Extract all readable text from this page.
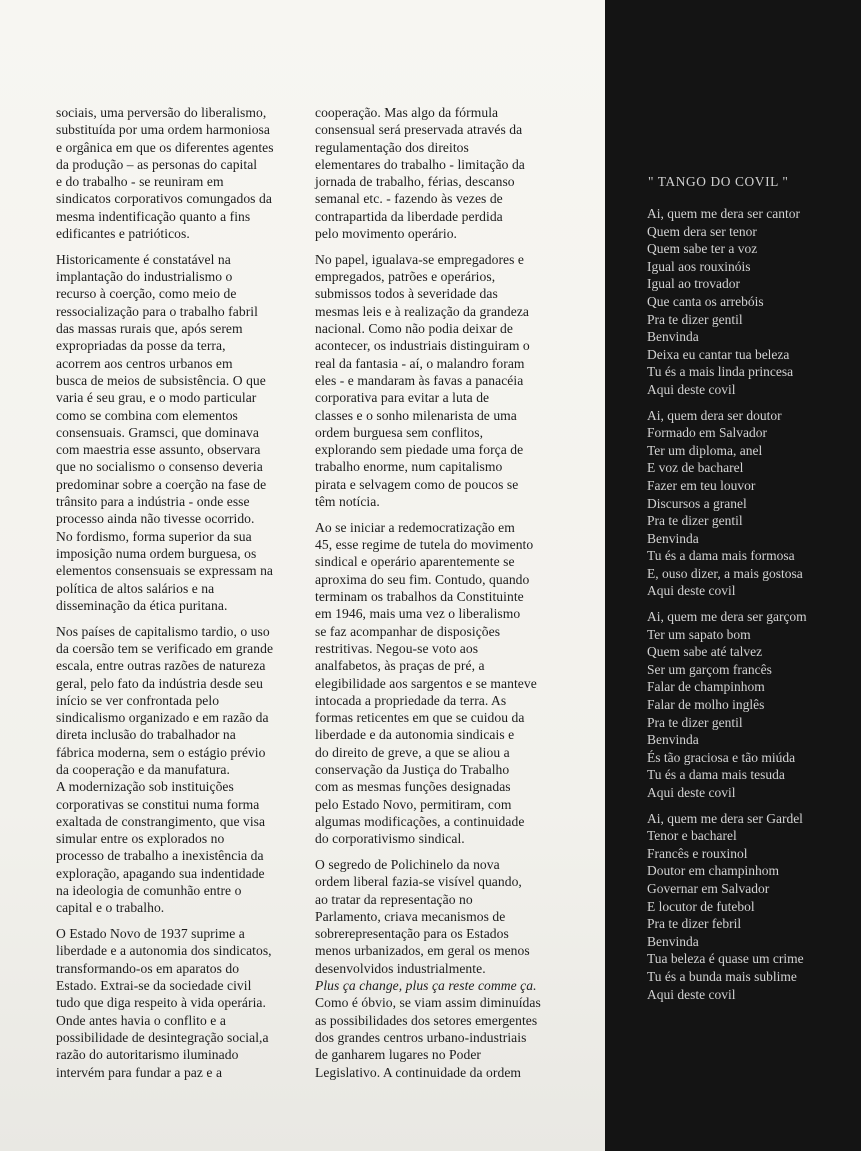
sociais, uma perversão do liberalismo,
substituída por uma ordem harmoniosa
e orgânica em que os diferentes agentes
da produção – as personas do capital
e do trabalho - se reuniram em
sindicatos corporativos comungados da
mesma indentificação quanto a fins
edificantes e patrióticos.

Historicamente é constatável na
implantação do industrialismo o
recurso à coerção, como meio de
ressocialização para o trabalho fabril
das massas rurais que, após serem
expropriadas da posse da terra,
acorrem aos centros urbanos em
busca de meios de subsistência. O que
varia é seu grau, e o modo particular
como se combina com elementos
consensuais. Gramsci, que dominava
com maestria esse assunto, observara
que no socialismo o consenso deveria
predominar sobre a coerção na fase de
trânsito para a indústria - onde esse
processo ainda não tivesse ocorrido.
No fordismo, forma superior da sua
imposição numa ordem burguesa, os
elementos consensuais se expressam na
política de altos salários e na
disseminação da ética puritana.

Nos países de capitalismo tardio, o uso
da coersão tem se verificado em grande
escala, entre outras razões de natureza
geral, pelo fato da indústria desde seu
início se ver confrontada pelo
sindicalismo organizado e em razão da
direta inclusão do trabalhador na
fábrica moderna, sem o estágio prévio
da cooperação e da manufatura.

A modernização sob instituições
corporativas se constitui numa forma
exaltada de constrangimento, que visa
simular entre os explorados no
processo de trabalho a inexistência da
exploração, apagando sua indentidade
na ideologia de comunhão entre o
capital e o trabalho.

O Estado Novo de 1937 suprime a
liberdade e a autonomia dos sindicatos,
transformando-os em aparatos do
Estado. Extrai-se da sociedade civil
tudo que diga respeito à vida operária.
Onde antes havia o conflito e a
possibilidade de desintegração social,a
razão do autoritarismo iluminado
intervém para fundar a paz e a

cooperação. Mas algo da fórmula
consensual será preservada através da
regulamentação dos direitos
elementares do trabalho - limitação da
jornada de trabalho, férias, descanso
semanal etc. - fazendo às vezes de
contrapartida da liberdade perdida
pelo movimento operário.

No papel, igualava-se empregadores e
empregados, patrões e operários,
submissos todos à severidade das
mesmas leis e à realização da grandeza
nacional. Como não podia deixar de
acontecer, os industriais distinguiram o
real da fantasia - aí, o malandro foram
eles - e mandaram às favas a panacéia
corporativa para evitar a luta de
classes e o sonho milenarista de uma
ordem burguesa sem conflitos,
explorando sem piedade uma força de
trabalho enorme, num capitalismo
pirata e selvagem como de poucos se
têm notícia.

Ao se iniciar a redemocratização em
45, esse regime de tutela do movimento
sindical e operário aparentemente se
aproxima do seu fim. Contudo, quando
terminam os trabalhos da Constituinte
em 1946, mais uma vez o liberalismo
se faz acompanhar de disposições
restritivas. Negou-se voto aos
analfabetos, às praças de pré, a
elegibilidade aos sargentos e se manteve
intocada a propriedade da terra. As
formas reticentes em que se cuidou da
liberdade e da autonomia sindicais e
do direito de greve, a que se aliou a
conservação da Justiça do Trabalho
com as mesmas funções designadas
pelo Estado Novo, permitiram, com
algumas modificações, a continuidade
do corporativismo sindical.

O segredo de Polichinelo da nova
ordem liberal fazia-se visível quando,
ao tratar da representação no
Parlamento, criava mecanismos de
sobrerepresentação para os Estados
menos urbanizados, em geral os menos
desenvolvidos industrialmente.

Plus ça change, plus ça reste comme ça.

Como é óbvio, se viam assim diminuídas
as possibilidades dos setores emergentes
dos grandes centros urbano-industriais
de ganharem lugares no Poder
Legislativo. A continuidade da ordem

" TANGO DO COVIL "
Ai, quem me dera ser cantor
Quem dera ser tenor
Quem sabe ter a voz
Igual aos rouxinóis
Igual ao trovador
Que canta os arrebóis
Pra te dizer gentil
Benvinda
Deixa eu cantar tua beleza
Tu és a mais linda princesa
Aqui deste covil
Ai, quem dera ser doutor
Formado em Salvador
Ter um diploma, anel
E voz de bacharel
Fazer em teu louvor
Discursos a granel
Pra te dizer gentil
Benvinda
Tu és a dama mais formosa
E, ouso dizer, a mais gostosa
Aqui deste covil
Ai, quem me dera ser garçom
Ter um sapato bom
Quem sabe até talvez
Ser um garçom francês
Falar de champinhom
Falar de molho inglês
Pra te dizer gentil
Benvinda
És tão graciosa e tão miúda
Tu és a dama mais tesuda
Aqui deste covil
Ai, quem me dera ser Gardel
Tenor e bacharel
Francês e rouxinol
Doutor em champinhom
Governar em Salvador
E locutor de futebol
Pra te dizer febril
Benvinda
Tua beleza é quase um crime
Tu és a bunda mais sublime
Aqui deste covil
